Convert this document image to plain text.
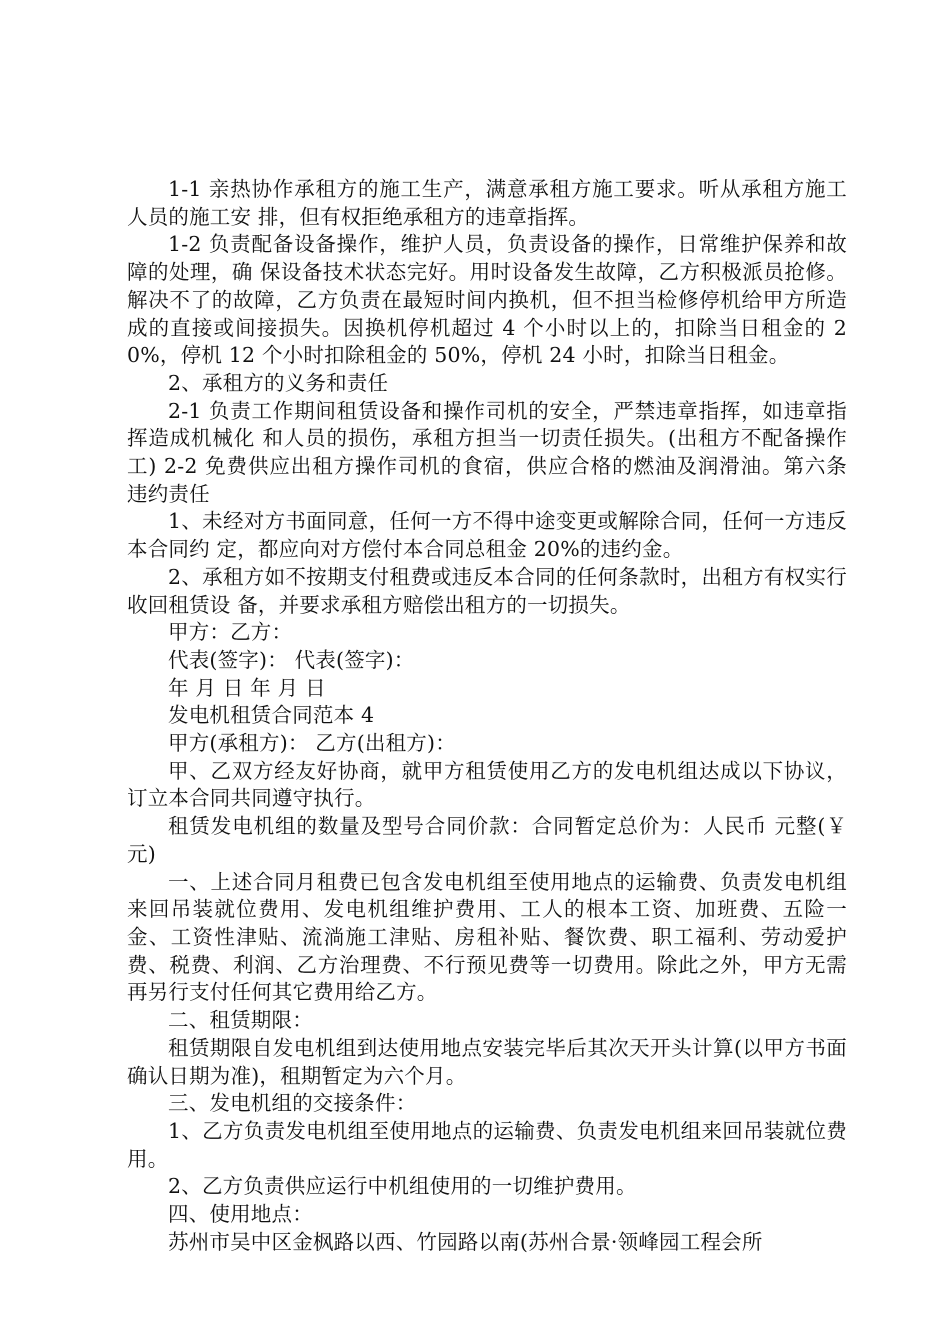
1-1 亲热协作承租方的施工生产，满意承租方施工要求。听从承租方施工人员的施工安 排，但有权拒绝承租方的违章指挥。

1-2 负责配备设备操作，维护人员，负责设备的操作，日常维护保养和故障的处理，确 保设备技术状态完好。用时设备发生故障，乙方积极派员抢修。解决不了的故障，乙方负责在最短时间内换机，但不担当检修停机给甲方所造成的直接或间接损失。因换机停机超过 4 个小时以上的，扣除当日租金的 20%，停机 12 个小时扣除租金的 50%，停机 24 小时，扣除当日租金。

2、承租方的义务和责任

2-1 负责工作期间租赁设备和操作司机的安全，严禁违章指挥，如违章指挥造成机械化 和人员的损伤，承租方担当一切责任损失。(出租方不配备操作工) 2-2 免费供应出租方操作司机的食宿，供应合格的燃油及润滑油。第六条 违约责任

1、未经对方书面同意，任何一方不得中途变更或解除合同，任何一方违反本合同约 定，都应向对方偿付本合同总租金 20%的违约金。

2、承租方如不按期支付租费或违反本合同的任何条款时，出租方有权实行收回租赁设 备，并要求承租方赔偿出租方的一切损失。

甲方：乙方：

代表(签字)： 代表(签字)：

年 月 日 年 月 日

发电机租赁合同范本 4

甲方(承租方)： 乙方(出租方)：

甲、乙双方经友好协商，就甲方租赁使用乙方的发电机组达成以下协议，订立本合同共同遵守执行。

租赁发电机组的数量及型号合同价款：合同暂定总价为：人民币 元整(￥ 元)

一、上述合同月租费已包含发电机组至使用地点的运输费、负责发电机组来回吊装就位费用、发电机组维护费用、工人的根本工资、加班费、五险一金、工资性津贴、流淌施工津贴、房租补贴、餐饮费、职工福利、劳动爱护费、税费、利润、乙方治理费、不行预见费等一切费用。除此之外，甲方无需再另行支付任何其它费用给乙方。

二、租赁期限：

租赁期限自发电机组到达使用地点安装完毕后其次天开头计算(以甲方书面确认日期为准)，租期暂定为六个月。

三、发电机组的交接条件：

1、乙方负责发电机组至使用地点的运输费、负责发电机组来回吊装就位费用。

2、乙方负责供应运行中机组使用的一切维护费用。

四、使用地点：

苏州市吴中区金枫路以西、竹园路以南(苏州合景·领峰园工程会所
